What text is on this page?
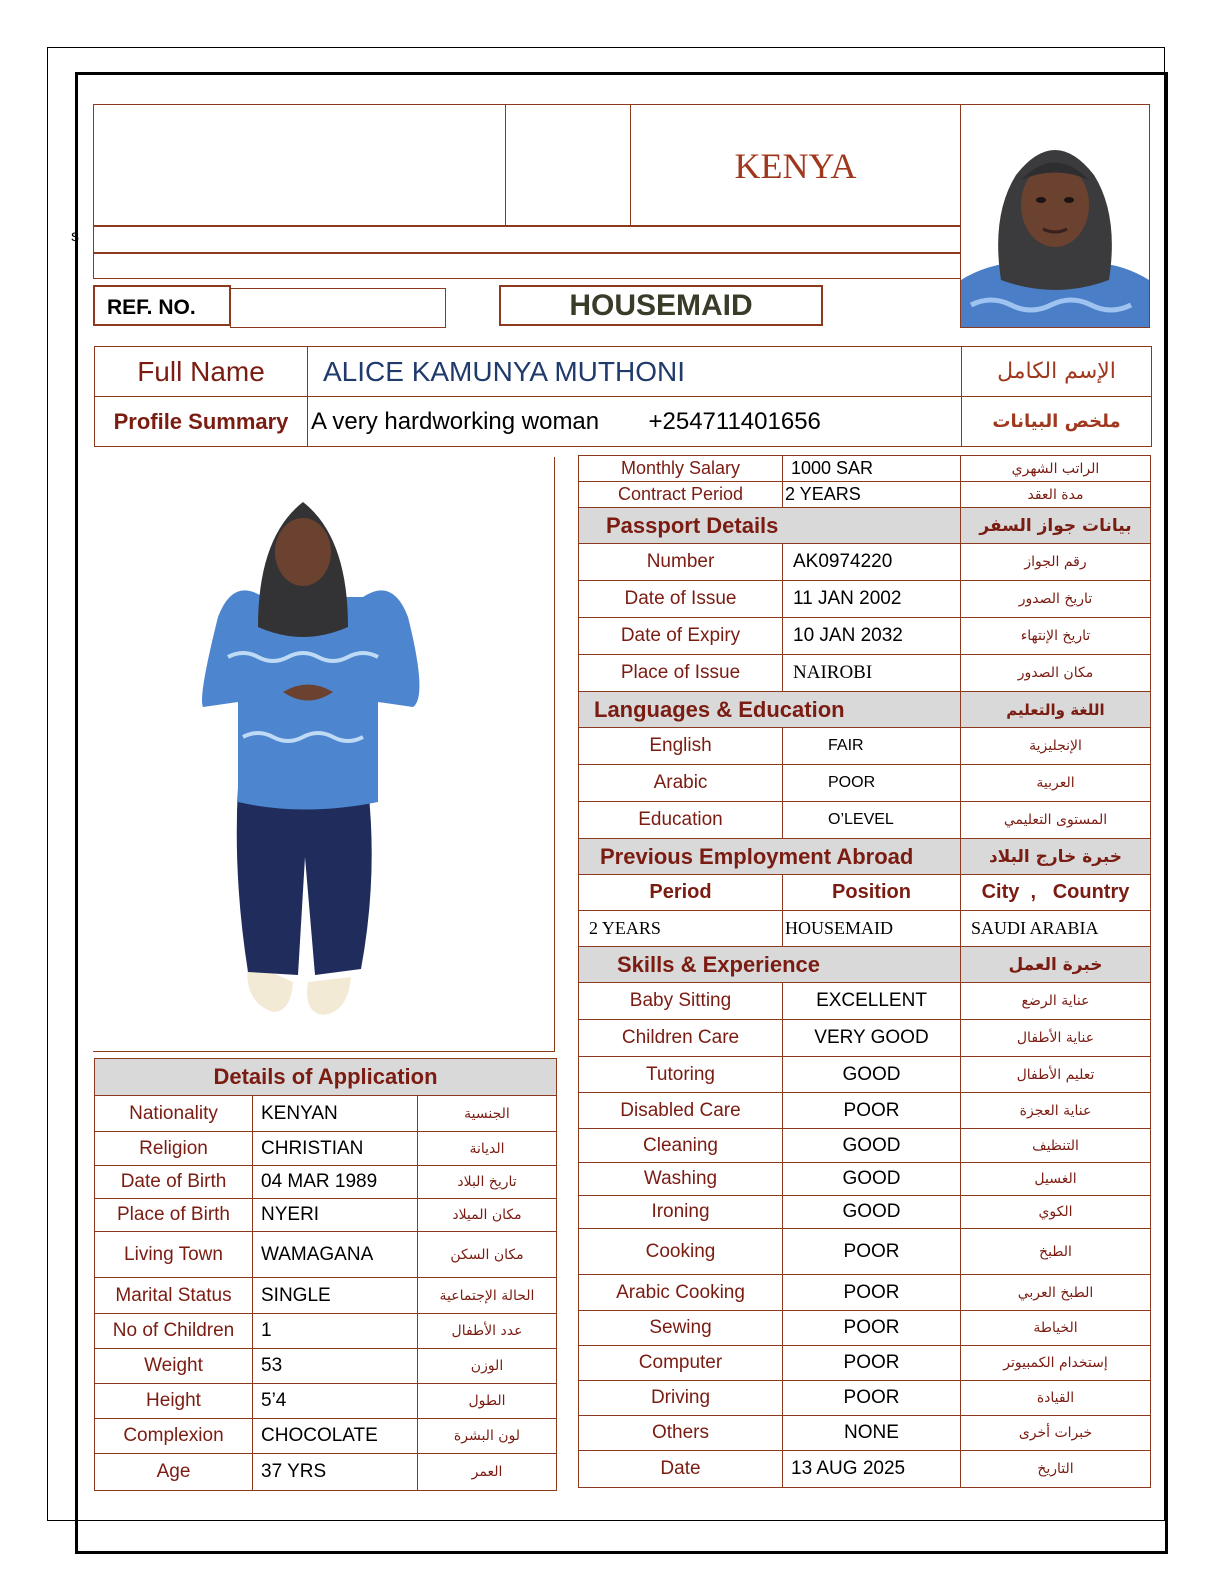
s
KENYA
REF. NO.	HOUSEMAID
Full Name	ALICE KAMUNYA MUTHONI	الإسم الكامل
Profile Summary	A very hardworking woman +254711401656	ملخص البيانات
Details of Application		
Nationality	KENYAN	الجنسية
Religion	CHRISTIAN	الديانة
Date of Birth	04 MAR 1989	تاريخ البلاد
Place of Birth	NYERI	مكان الميلاد
Living Town	WAMAGANA	مكان السكن
Marital Status	SINGLE	الحالة الإجتماعية
No of Children	1	عدد الأطفال
Weight	53	الوزن
Height	5’4	الطول
Complexion	CHOCOLATE	لون البشرة
Age	37 YRS	العمر
Monthly Salary	1000 SAR	الراتب الشهري
Contract Period	2 YEARS	مدة العقد
Passport Details		بيانات جواز السفر
Number	AK0974220	رقم الجواز
Date of Issue	11 JAN 2002	تاريخ الصدور
Date of Expiry	10 JAN 2032	تاريخ الإنتهاء
Place of Issue	NAIROBI	مكان الصدور
Languages & Education		اللغة والتعليم
English	FAIR	الإنجليزية
Arabic	POOR	العربية
Education	O’LEVEL	المستوى التعليمي
Previous Employment Abroad		خبرة خارج البلاد
Period	Position	City  ,   Country
2 YEARS	HOUSEMAID	SAUDI ARABIA
Skills & Experience		خبرة العمل
Baby Sitting	EXCELLENT	عناية الرضع
Children Care	VERY GOOD	عناية الأطفال
Tutoring	GOOD	تعليم الأطفال
Disabled Care	POOR	عناية العجزة
Cleaning	GOOD	التنظيف
Washing	GOOD	الغسيل
Ironing	GOOD	الكوي
Cooking	POOR	الطبخ
Arabic Cooking	POOR	الطبخ العربي
Sewing	POOR	الخياطة
Computer	POOR	إستخدام الكمبيوتر
Driving	POOR	القيادة
Others	NONE	خبرات أخرى
Date	13 AUG 2025	التاريخ
